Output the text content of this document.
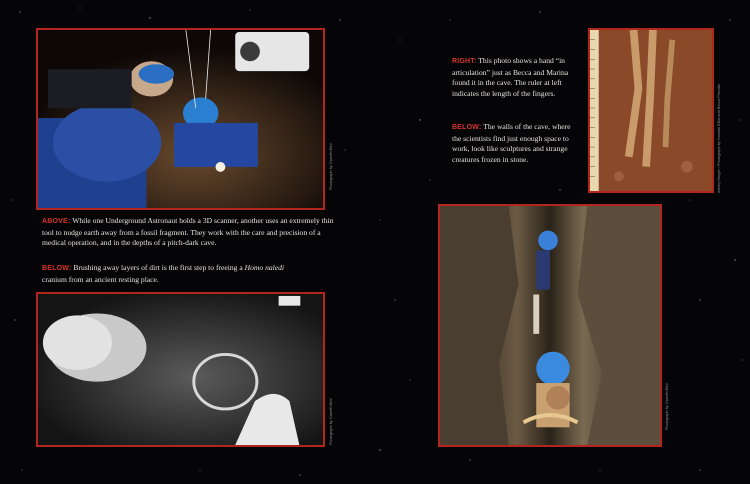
Photograph by Garreth Bird

ABOVE: While one Underground Astronaut holds a 3D scanner, another uses an extremely thin tool to nudge earth away from a fossil fragment. They work with the care and precision of a medical operation, and in the depths of a pitch-dark cave.

BELOW: Brushing away layers of dirt is the first step to freeing a Homo naledi cranium from an ancient resting place.

Photograph by Garreth Bird

RIGHT: This photo shows a hand “in articulation” just as Becca and Marina found it in the cave. The ruler at left indicates the length of the fingers.

BELOW: The walls of the cave, where the scientists find just enough space to work, look like sculptures and strange creatures frozen in stone.	Ashley Kruger / Photograph by Hannah Elliot and Becca Peixotto
Photograph by Garreth Bird
